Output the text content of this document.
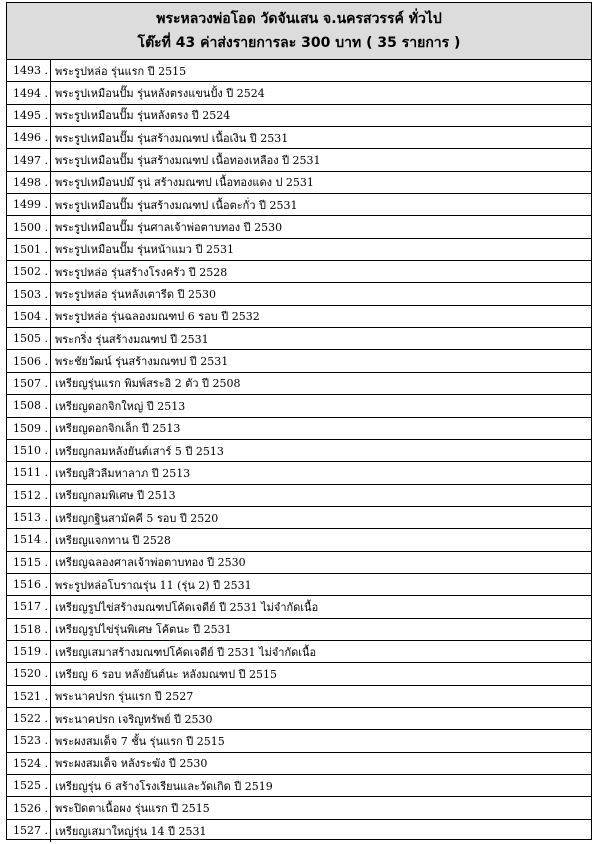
พระหลวงพ่อโอด วัดจันเสน จ.นครสวรรค์ ทั่วไป
โต๊ะที่ 43 ค่าส่งรายการละ 300 บาท ( 35 รายการ )
1493 . พระรูปหล่อ รุ่นแรก ปี 2515
1494 . พระรูปเหมือนปั๊ม รุ่นหลังตรงแขนปั้ง ปี 2524
1495 . พระรูปเหมือนปั๊ม รุ่นหลังตรง ปี 2524
1496 . พระรูปเหมือนปั๊ม รุ่นสร้างมณฑป เนื้อเงิน ปี 2531
1497 . พระรูปเหมือนปั๊ม รุ่นสร้างมณฑป เนื้อทองเหลือง ปี 2531
1498 . พระรูปเหมือนปม๊ รุน่ สร้างมณฑป เนื้อทองแดง ป 2531
1499 . พระรูปเหมือนปั๊ม รุ่นสร้างมณฑป เนื้อตะกั่ว ปี 2531
1500 . พระรูปเหมือนปั๊ม รุ่นศาลเจ้าพ่อตาบทอง ปี 2530
1501 . พระรูปเหมือนปั๊ม รุ่นหน้าแมว ปี 2531
1502 . พระรูปหล่อ รุ่นสร้างโรงครัว ปี 2528
1503 . พระรูปหล่อ รุ่นหลังเตารีด ปี 2530
1504 . พระรูปหล่อ รุ่นฉลองมณฑป 6 รอบ ปี 2532
1505 . พระกริ่ง รุ่นสร้างมณฑป ปี 2531
1506 . พระชัยวัฒน์ รุ่นสร้างมณฑป ปี 2531
1507 . เหรียญรุ่นแรก พิมพ์สระอิ 2 ตัว ปี 2508
1508 . เหรียญดอกจิกใหญ่ ปี 2513
1509 . เหรียญดอกจิกเล็ก ปี 2513
1510 . เหรียญกลมหลังยันต์เสาร์ 5 ปี 2513
1511 . เหรียญสิวลีมหาลาภ ปี 2513
1512 . เหรียญกลมพิเศษ ปี 2513
1513 . เหรียญกฐินสามัคคี 5 รอบ ปี 2520
1514 . เหรียญแจกทาน ปี 2528
1515 . เหรียญฉลองศาลเจ้าพ่อตาบทอง ปี 2530
1516 . พระรูปหล่อโบราณรุ่น 11 (รุ่น 2) ปี 2531
1517 . เหรียญรูปไข่สร้างมณฑปโค้ดเจดีย์ ปี 2531 ไม่จำกัดเนื้อ
1518 . เหรียญรูปไข่รุ่นพิเศษ โค้ตนะ ปี 2531
1519 . เหรียญเสมาสร้างมณฑปโค้ดเจดีย์ ปี 2531 ไม่จำกัดเนื้อ
1520 . เหรียญ 6 รอบ หลังยันต์นะ หลังมณฑป ปี 2515
1521 . พระนาคปรก รุ่นแรก ปี 2527
1522 . พระนาคปรก เจริญทรัพย์ ปี 2530
1523 . พระผงสมเด็จ 7 ชั้น รุ่นแรก ปี 2515
1524 . พระผงสมเด็จ หลังระฆัง ปี 2530
1525 . เหรียญรุ่น 6 สร้างโรงเรียนและวัดเกิด ปี 2519
1526 . พระปิดตาเนื้อผง รุ่นแรก ปี 2515
1527 . เหรียญเสมาใหญ่รุ่น 14 ปี 2531
